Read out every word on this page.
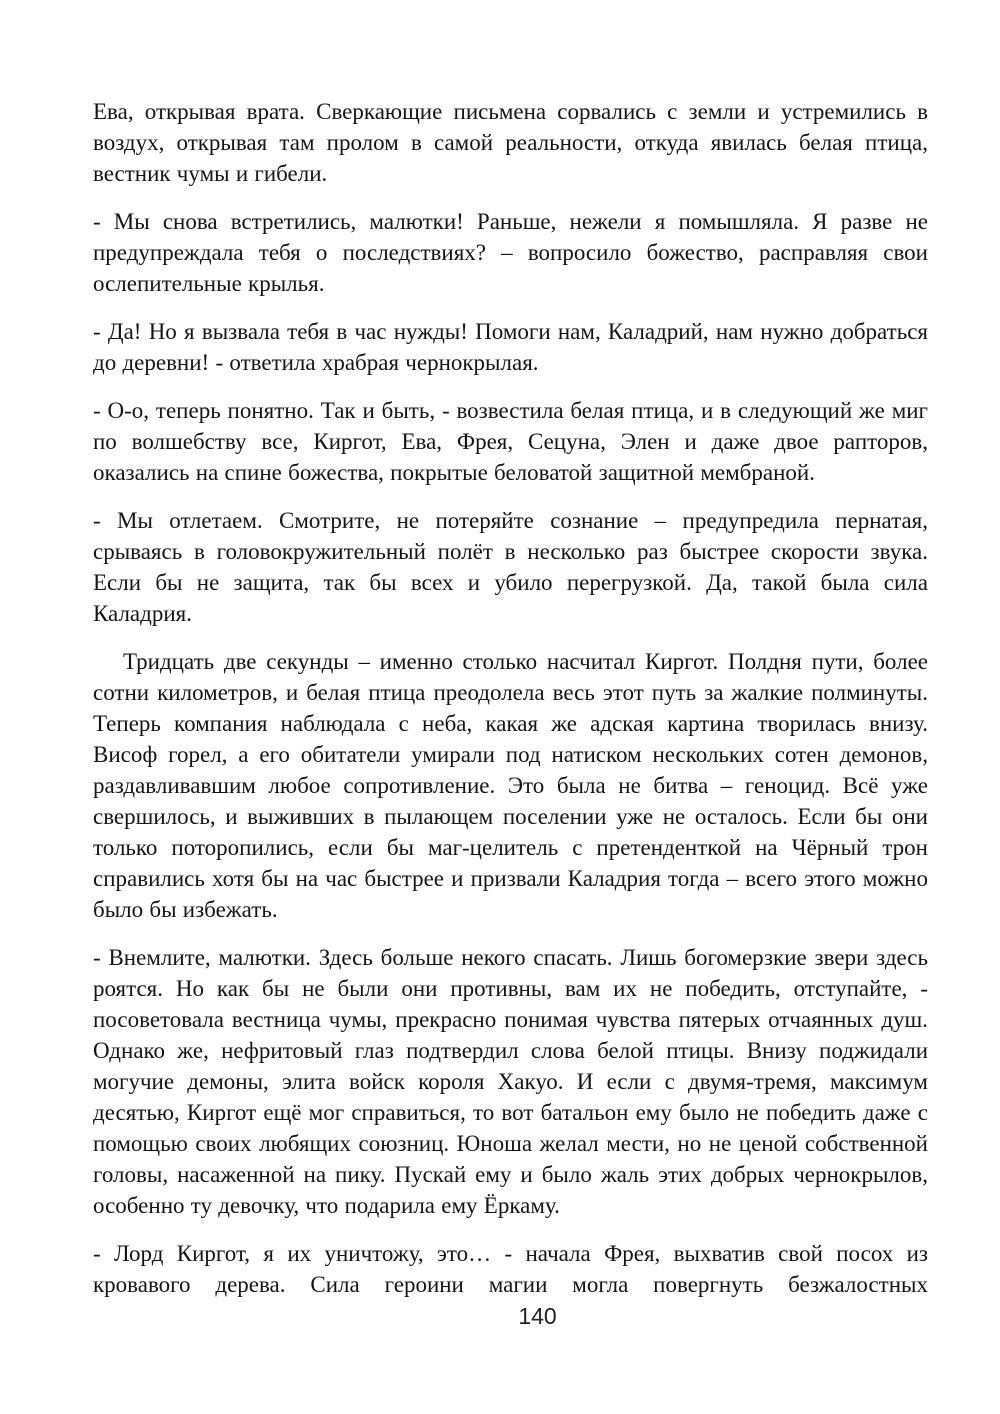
Ева, открывая врата. Сверкающие письмена сорвались с земли и устремились в воздух, открывая там пролом в самой реальности, откуда явилась белая птица, вестник чумы и гибели.

- Мы снова встретились, малютки! Раньше, нежели я помышляла. Я разве не предупреждала тебя о последствиях? – вопросило божество, расправляя свои ослепительные крылья.

- Да! Но я вызвала тебя в час нужды! Помоги нам, Каладрий, нам нужно добраться до деревни! - ответила храбрая чернокрылая.

- О-о, теперь понятно. Так и быть, - возвестила белая птица, и в следующий же миг по волшебству все, Киргот, Ева, Фрея, Сецуна, Элен и даже двое рапторов, оказались на спине божества, покрытые беловатой защитной мембраной.

- Мы отлетаем. Смотрите, не потеряйте сознание – предупредила пернатая, срываясь в головокружительный полёт в несколько раз быстрее скорости звука. Если бы не защита, так бы всех и убило перегрузкой. Да, такой была сила Каладрия.

Тридцать две секунды – именно столько насчитал Киргот. Полдня пути, более сотни километров, и белая птица преодолела весь этот путь за жалкие полминуты. Теперь компания наблюдала с неба, какая же адская картина творилась внизу. Висоф горел, а его обитатели умирали под натиском нескольких сотен демонов, раздавливавшим любое сопротивление. Это была не битва – геноцид. Всё уже свершилось, и выживших в пылающем поселении уже не осталось. Если бы они только поторопились, если бы маг-целитель с претенденткой на Чёрный трон справились хотя бы на час быстрее и призвали Каладрия тогда – всего этого можно было бы избежать.

- Внемлите, малютки. Здесь больше некого спасать. Лишь богомерзкие звери здесь роятся. Но как бы не были они противны, вам их не победить, отступайте, - посоветовала вестница чумы, прекрасно понимая чувства пятерых отчаянных душ. Однако же, нефритовый глаз подтвердил слова белой птицы. Внизу поджидали могучие демоны, элита войск короля Хакуо. И если с двумя-тремя, максимум десятью, Киргот ещё мог справиться, то вот батальон ему было не победить даже с помощью своих любящих союзниц. Юноша желал мести, но не ценой собственной головы, насаженной на пику. Пускай ему и было жаль этих добрых чернокрылов, особенно ту девочку, что подарила ему Ёркаму.

- Лорд Киргот, я их уничтожу, это… - начала Фрея, выхватив свой посох из кровавого дерева. Сила героини магии могла повергнуть безжалостных

140
